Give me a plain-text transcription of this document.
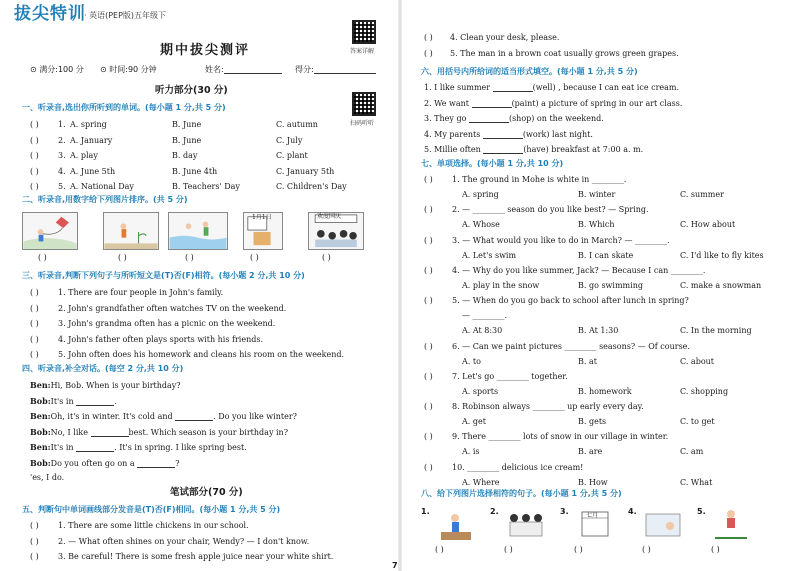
拔尖特训
· 英语(PEP版)五年级下
期中拔尖测评	答案详解
扫码听听
⊙ 满分:100 分 ⊙ 时间:90 分钟	姓名:	得分:
听力部分(30 分)
一、听录音,选出你所听到的单词。(每小题 1 分,共 5 分)
( ) 1. A. spring	B. June	C. autumn
( ) 2. A. January	B. June	C. July
( ) 3. A. play	B. day	C. plant
( ) 4. A. June 5th	B. June 4th	C. January 5th
( ) 5. A. National Day	B. Teachers' Day	C. Children's Day
二、听录音,用数字给下列图片排序。(共 5 分)
1月1日	欢度国庆
( )	( )	( )	( )	( )
三、听录音,判断下列句子与所听短文是(T)否(F)相符。(每小题 2 分,共 10 分)
( ) 1. There are four people in John's family.
( ) 2. John's grandfather often watches TV on the weekend.
( ) 3. John's grandma often has a picnic on the weekend.
( ) 4. John's father often plays sports with his friends.
( ) 5. John often does his homework and cleans his room on the weekend.
四、听录音,补全对话。(每空 2 分,共 10 分)
Ben:Hi, Bob. When is your birthday?
Bob:It's in	.
Ben:Oh, it's in winter. It's cold and	. Do you like winter?
Bob:No, I like	best. Which season is your birthday in?
Ben:It's in	. It's in spring. I like spring best.
Bob:Do you often go on a	?
'es, I do.
笔试部分(70 分)
五、判断句中单词画线部分发音是(T)否(F)相同。(每小题 1 分,共 5 分)
( ) 1. There are some little chickens in our school.
( ) 2. — What often shines on your chair, Wendy? — I don't know.
( ) 3. Be careful! There is some fresh apple juice near your white shirt.
( ) 4. Clean your desk, please.
( ) 5. The man in a brown coat usually grows green grapes.
六、用括号内所给词的适当形式填空。(每小题 1 分,共 5 分)
1. I like summer	(well) , because I can eat ice cream.
2. We want	(paint) a picture of spring in our art class.
3. They go	(shop) on the weekend.
4. My parents	(work) last night.
5. Millie often	(have) breakfast at 7:00 a. m.
七、单项选择。(每小题 1 分,共 10 分)
( ) 1. The ground in Mohe is white in ________.
A. spring	B. winter	C. summer
( ) 2. — ________ season do you like best? — Spring.
A. Whose	B. Which	C. How about
( ) 3. — What would you like to do in March? — ________.
A. Let's swim	B. I can skate	C. I'd like to fly kites
( ) 4. — Why do you like summer, Jack? — Because I can ________.
A. play in the snow	B. go swimming	C. make a snowman
( ) 5. — When do you go back to school after lunch in spring?
— ________.
A. At 8:30	B. At 1:30	C. In the morning
( ) 6. — Can we paint pictures ________ seasons? — Of course.
A. to	B. at	C. about
( ) 7. Let's go ________ together.
A. sports	B. homework	C. shopping
( ) 8. Robinson always ________ up early every day.
A. get	B. gets	C. to get
( ) 9. There ________ lots of snow in our village in winter.
A. is	B. are	C. am
( ) 10. ________ delicious ice cream!
A. Where	B. How	C. What
八、给下列图片选择相符的句子。(每小题 1 分,共 5 分)
1.
( )
2.
( )
3.
( )
4.
( )
5.
( )
七月
7
